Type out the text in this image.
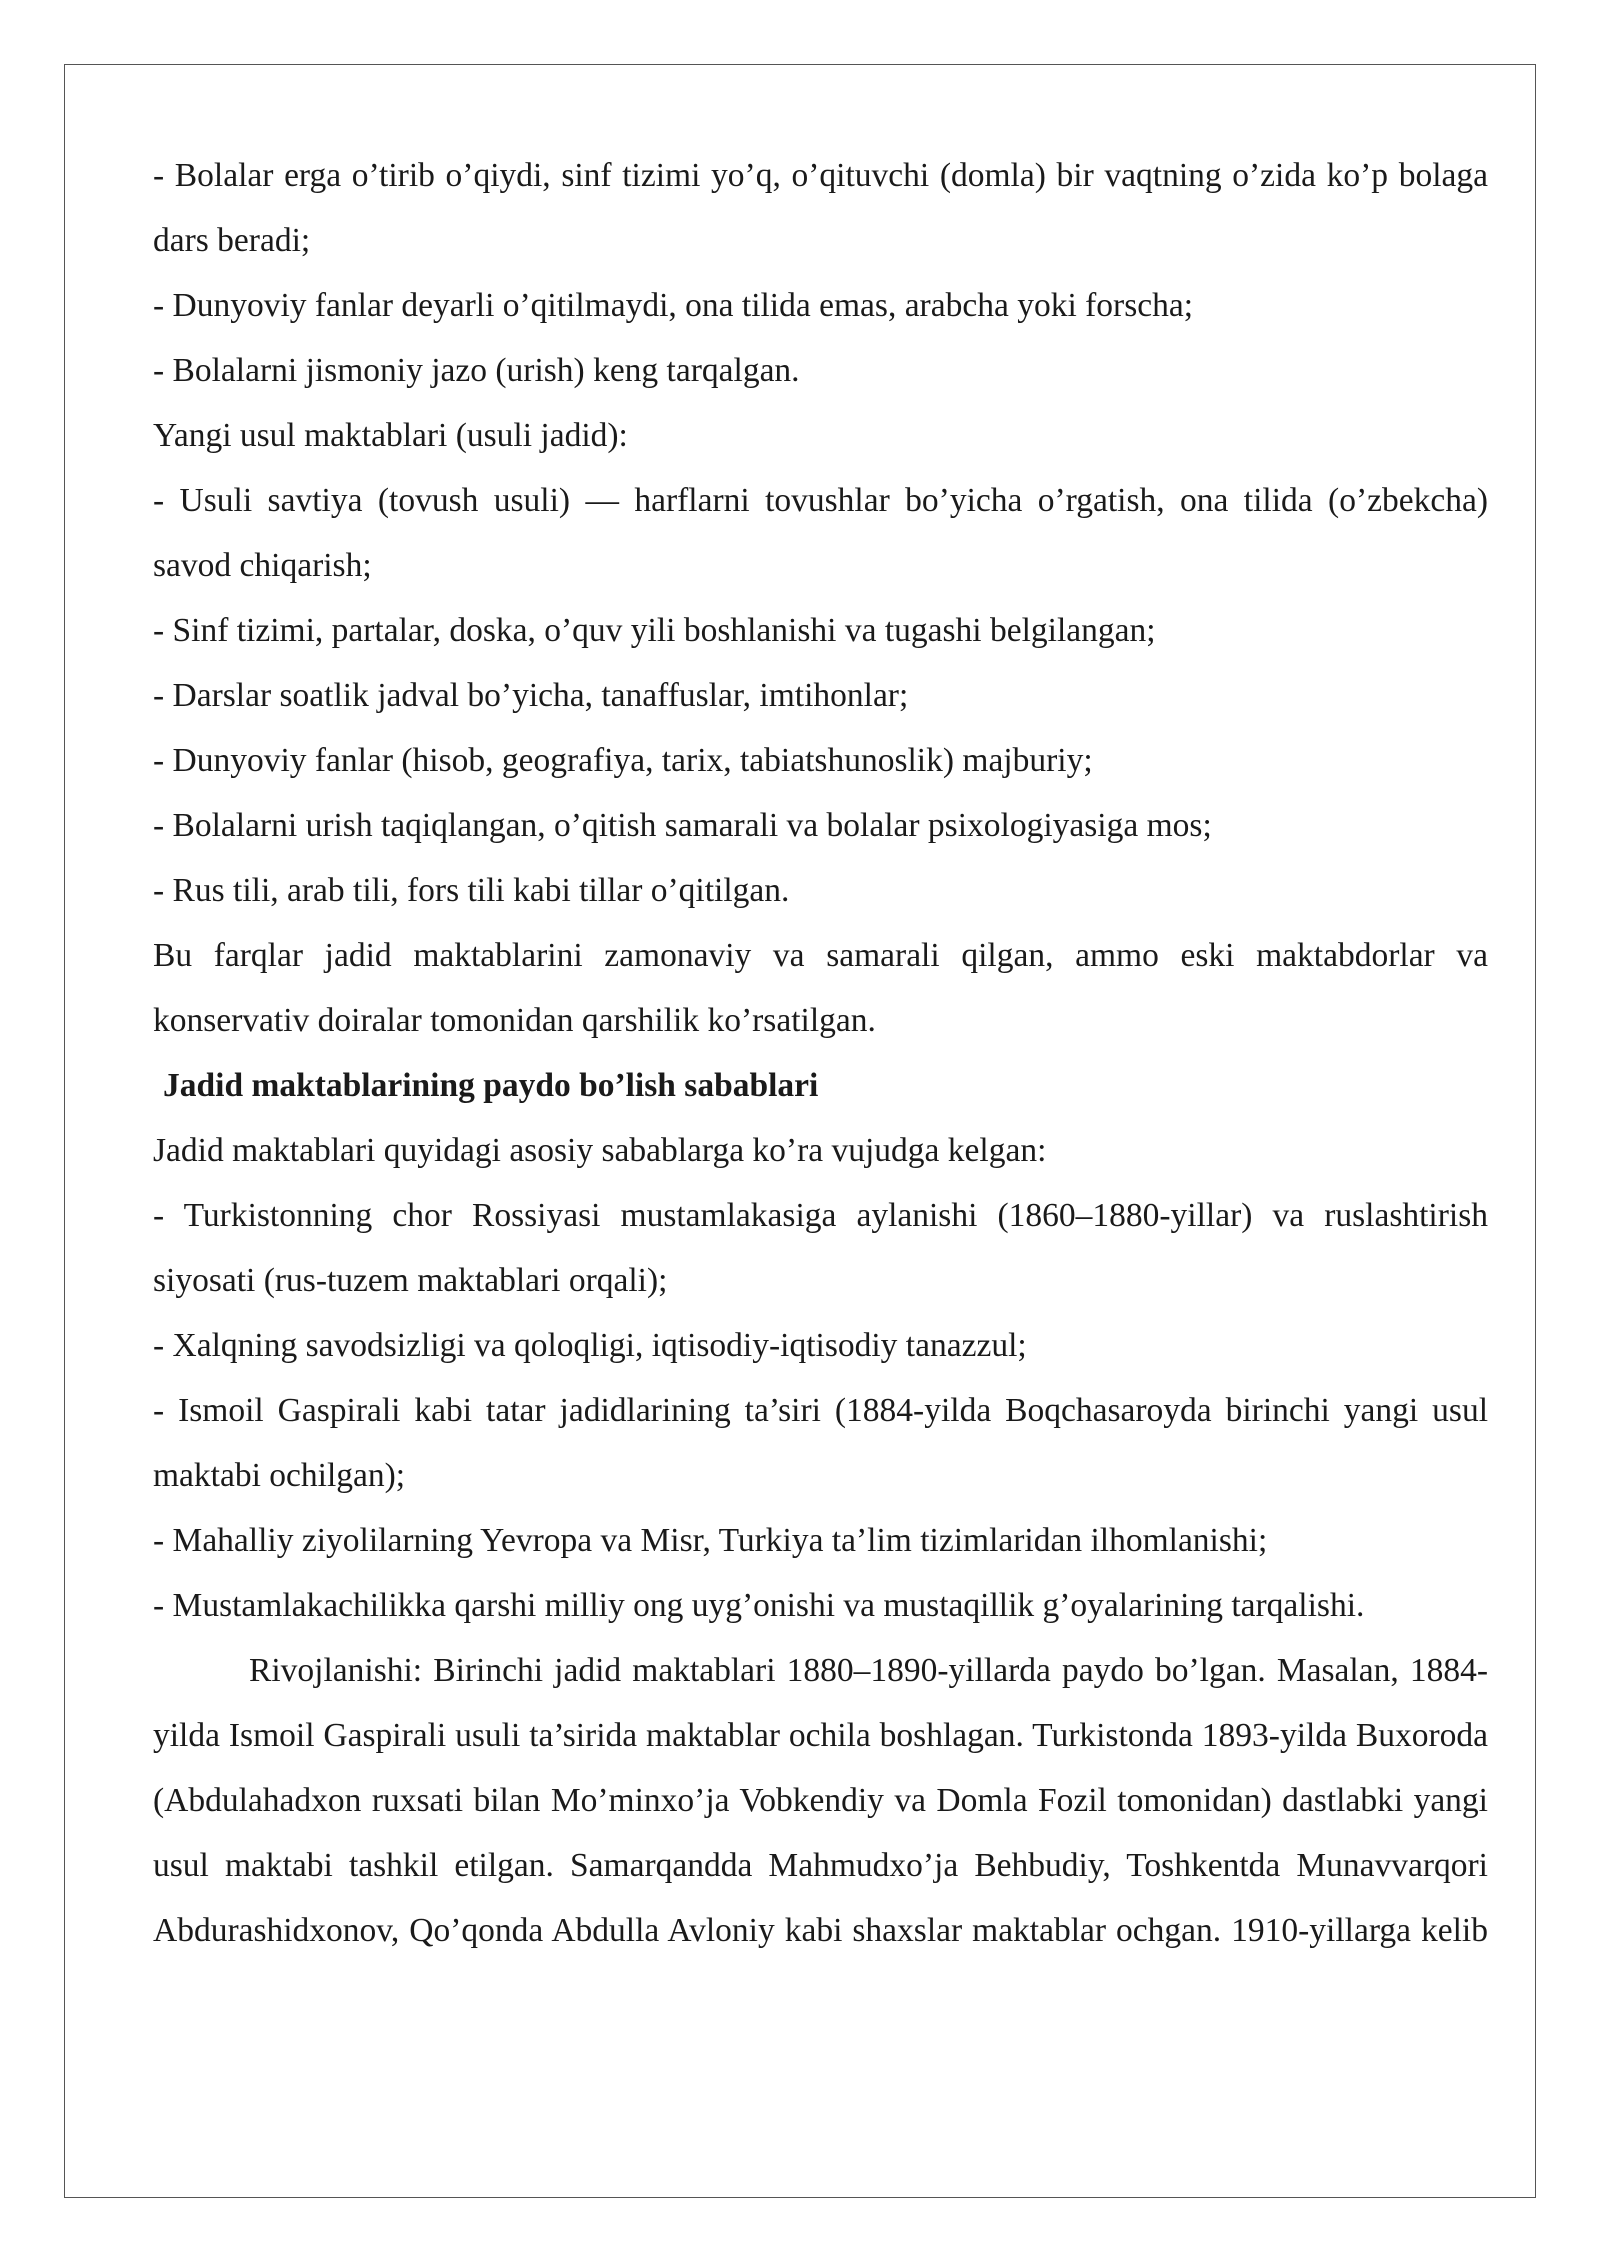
- Bolalar erga o’tirib o’qiydi, sinf tizimi yo’q, o’qituvchi (domla) bir vaqtning o’zida ko’p bolaga dars beradi;

- Dunyoviy fanlar deyarli o’qitilmaydi, ona tilida emas, arabcha yoki forscha;

- Bolalarni jismoniy jazo (urish) keng tarqalgan.

Yangi usul maktablari (usuli jadid):

- Usuli savtiya (tovush usuli) — harflarni tovushlar bo’yicha o’rgatish, ona tilida (o’zbekcha) savod chiqarish;

- Sinf tizimi, partalar, doska, o’quv yili boshlanishi va tugashi belgilangan;

- Darslar soatlik jadval bo’yicha, tanaffuslar, imtihonlar;

- Dunyoviy fanlar (hisob, geografiya, tarix, tabiatshunoslik) majburiy;

- Bolalarni urish taqiqlangan, o’qitish samarali va bolalar psixologiyasiga mos;

- Rus tili, arab tili, fors tili kabi tillar o’qitilgan.

Bu farqlar jadid maktablarini zamonaviy va samarali qilgan, ammo eski maktabdorlar va konservativ doiralar tomonidan qarshilik ko’rsatilgan.

Jadid maktablarining paydo bo’lish sabablari

Jadid maktablari quyidagi asosiy sabablarga ko’ra vujudga kelgan:

- Turkistonning chor Rossiyasi mustamlakasiga aylanishi (1860–1880-yillar) va ruslashtirish siyosati (rus-tuzem maktablari orqali);

- Xalqning savodsizligi va qoloqligi, iqtisodiy-iqtisodiy tanazzul;

- Ismoil Gaspirali kabi tatar jadidlarining ta’siri (1884-yilda Boqchasaroyda birinchi yangi usul maktabi ochilgan);

- Mahalliy ziyolilarning Yevropa va Misr, Turkiya ta’lim tizimlaridan ilhomlanishi;

- Mustamlakachilikka qarshi milliy ong uyg’onishi va mustaqillik g’oyalarining tarqalishi.

Rivojlanishi: Birinchi jadid maktablari 1880–1890-yillarda paydo bo’lgan. Masalan, 1884-yilda Ismoil Gaspirali usuli ta’sirida maktablar ochila boshlagan. Turkistonda 1893-yilda Buxoroda (Abdulahadxon ruxsati bilan Mo’minxo’ja Vobkendiy va Domla Fozil tomonidan) dastlabki yangi usul maktabi tashkil etilgan. Samarqandda Mahmudxo’ja Behbudiy, Toshkentda Munavvarqori Abdurashidxonov, Qo’qonda Abdulla Avloniy kabi shaxslar maktablar ochgan. 1910-yillarga kelib
